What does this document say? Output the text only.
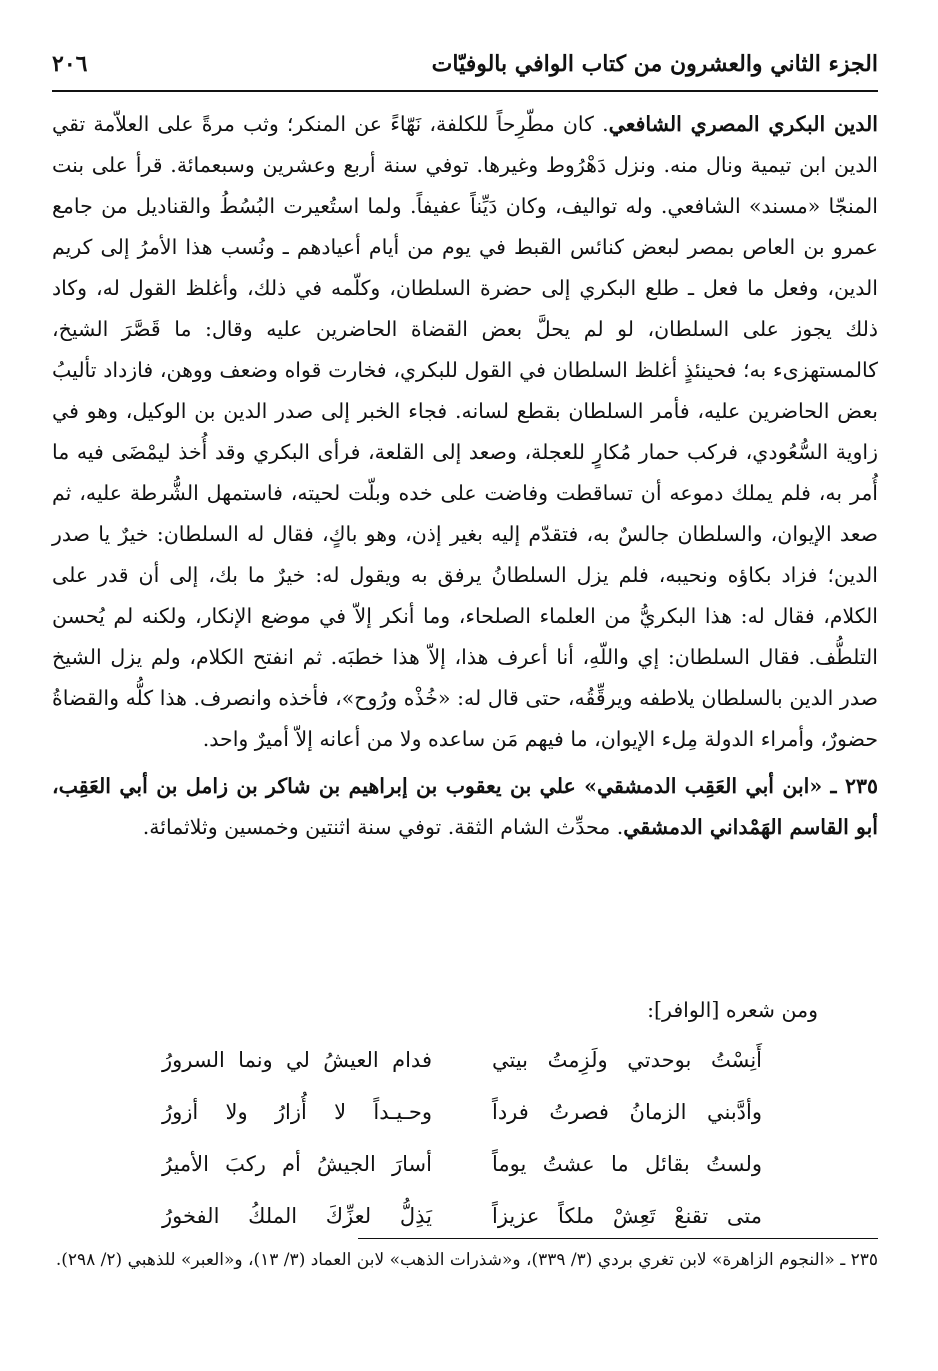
الجزء الثاني والعشرون من كتاب الوافي بالوفيّات
٢٠٦

الدين البكري المصري الشافعي. كان مطّرِحاً للكلفة، نَهّاءً عن المنكر؛ وثب مرةً على العلاّمة تقي الدين ابن تيمية ونال منه. ونزل دَهْرُوط وغيرها. توفي سنة أربع وعشرين وسبعمائة. قرأ على بنت المنجّا «مسند» الشافعي. وله تواليف، وكان دَيِّناً عفيفاً. ولما استُعيرت البُسُطُ والقناديل من جامع عمرو بن العاص بمصر لبعض كنائس القبط في يوم من أيام أعيادهم ـ ونُسب هذا الأمرُ إلى كريم الدين، وفعل ما فعل ـ طلع البكري إلى حضرة السلطان، وكلّمه في ذلك، وأغلظ القول له، وكاد ذلك يجوز على السلطان، لو لم يحلَّ بعض القضاة الحاضرين عليه وقال: ما قَصَّرَ الشيخ، كالمستهزىء به؛ فحينئذٍ أغلظ السلطان في القول للبكري، فخارت قواه وضعف ووهن، فازداد تأليبُ بعض الحاضرين عليه، فأمر السلطان بقطع لسانه. فجاء الخبر إلى صدر الدين بن الوكيل، وهو في زاوية السُّعُودي، فركب حمار مُكارٍ للعجلة، وصعد إلى القلعة، فرأى البكري وقد أُخذ ليمْضَى فيه ما أُمر به، فلم يملك دموعه أن تساقطت وفاضت على خده وبلّت لحيته، فاستمهل الشُّرطة عليه، ثم صعد الإيوان، والسلطان جالسٌ به، فتقدّم إليه بغير إذن، وهو باكٍ، فقال له السلطان: خيرٌ يا صدر الدين؛ فزاد بكاؤه ونحيبه، فلم يزل السلطانُ يرفق به ويقول له: خيرٌ ما بك، إلى أن قدر على الكلام، فقال له: هذا البكريُّ من العلماء الصلحاء، وما أنكر إلاّ في موضع الإنكار، ولكنه لم يُحسن التلطُّف. فقال السلطان: إي واللّهِ، أنا أعرف هذا، إلاّ هذا خطبَه. ثم انفتح الكلام، ولم يزل الشيخ صدر الدين بالسلطان يلاطفه ويرقِّقُه، حتى قال له: «خُذْه ورُوح»، فأخذه وانصرف. هذا كلُّه والقضاةُ حضورٌ، وأمراء الدولة مِلء الإيوان، ما فيهم مَن ساعده ولا من أعانه إلاّ أميرٌ واحد.

٢٣٥ ـ «ابن أبي العَقِب الدمشقي» علي بن يعقوب بن إبراهيم بن شاكر بن زامل بن أبي العَقِب، أبو القاسم الهَمْداني الدمشقي. محدِّث الشام الثقة. توفي سنة اثنتين وخمسين وثلاثمائة.

ومن شعره [الوافر]:
أَنِسْتُ بوحدتي ولَزِمتُ بيتي
فدام العيشُ لي ونما السرورُ
وأدَّبني الزمانُ فصرتُ فرداً
وحـيـداً لا أُزارُ ولا أزورُ
ولستُ بقائل ما عشتُ يوماً
أسارَ الجيشُ أم ركبَ الأميرُ
متى تقنعْ تَعِشْ ملكاً عزيزاً
يَذِلُّ لعزِّكَ الملكُ الفخورُ

٢٣٥ ـ «النجوم الزاهرة» لابن تغري بردي (٣/ ٣٣٩)، و«شذرات الذهب» لابن العماد (٣/ ١٣)، و«العبر» للذهبي (٢/ ٢٩٨).
